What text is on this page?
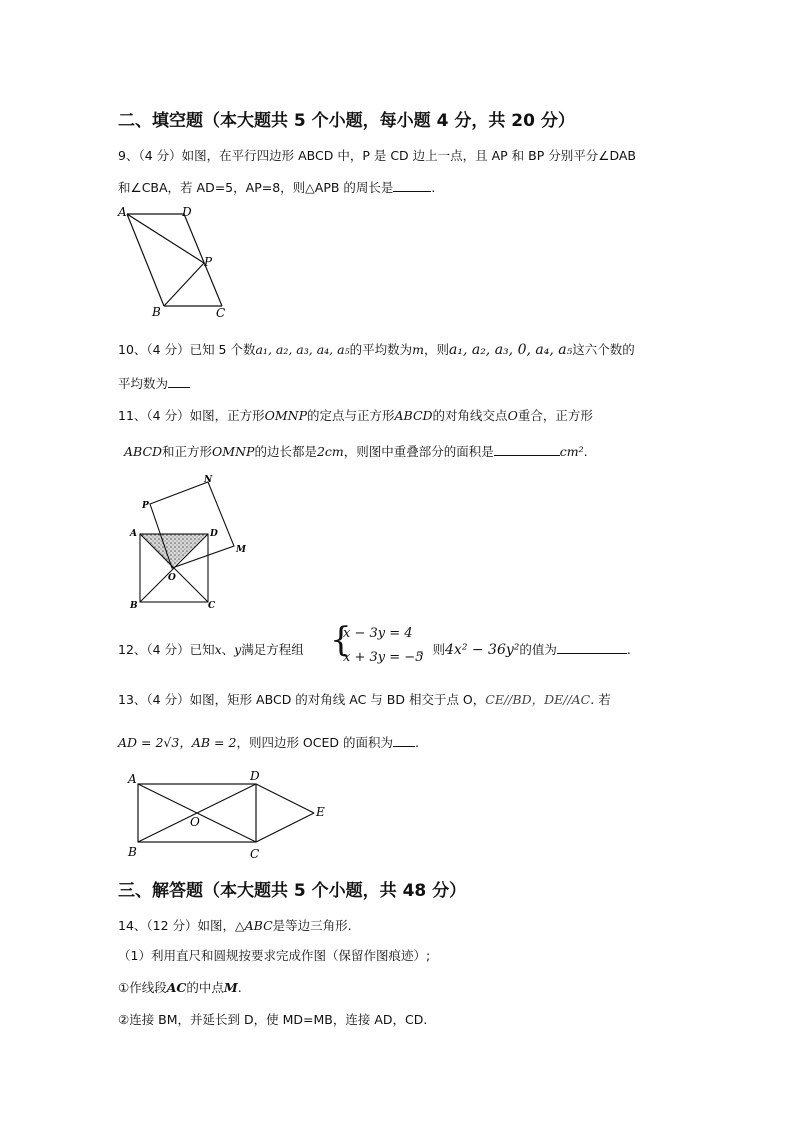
二、填空题（本大题共 5 个小题，每小题 4 分，共 20 分）
9、（4 分）如图，在平行四边形 ABCD 中，P 是 CD 边上一点，且 AP 和 BP 分别平分∠DAB
和∠CBA，若 AD=5，AP=8，则△APB 的周长是	.
A	D
P
B	C
10、（4 分）已知 5 个数a₁, a₂, a₃, a₄, a₅的平均数为m，则a₁, a₂, a₃, 0, a₄, a₅这六个数的
平均数为
11、（4 分）如图，正方形OMNP的定点与正方形ABCD的对角线交点O重合，正方形
ABCD和正方形OMNP的边长都是2cm，则图中重叠部分的面积是	cm².
P
N
A	D
M
O
B	C
12、（4 分）已知x、y满足方程组 {
x − 3y = 4
x + 3y = −5
，则4x² − 36y²的值为	.
13、（4 分）如图，矩形 ABCD 的对角线 AC 与 BD 相交于点 O，CE//BD，DE//AC. 若
AD = 2√3，AB = 2，则四边形 OCED 的面积为 .
A	D
E
O
B	C
三、解答题（本大题共 5 个小题，共 48 分）
14、（12 分）如图，△ABC是等边三角形.
（1）利用直尺和圆规按要求完成作图（保留作图痕迹）;
①作线段AC的中点M.
②连接 BM，并延长到 D，使 MD=MB，连接 AD，CD.
